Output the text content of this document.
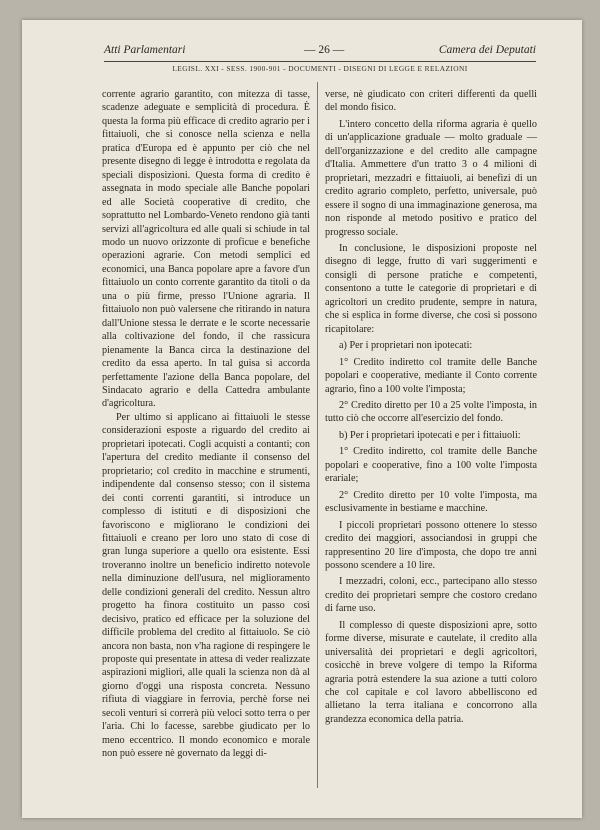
Atti Parlamentari	— 26 —	Camera dei Deputati
LEGISL. XXI - SESS. 1900-901 - DOCUMENTI - DISEGNI DI LEGGE E RELAZIONI

corrente agrario garantito, con mitezza di tasse, scadenze adeguate e semplicità di procedura. È questa la forma più efficace di credito agrario per i fittaiuoli, che si conosce nella scienza e nella pratica d'Europa ed è appunto per ciò che nel presente disegno di legge è introdotta e regolata da speciali disposizioni. Questa forma di credito è assegnata in modo speciale alle Banche popolari ed alle Società cooperative di credito, che soprattutto nel Lombardo-Veneto rendono già tanti servizi all'agricoltura ed alle quali si schiude in tal modo un nuovo orizzonte di proficue e benefiche operazioni agrarie. Con metodi semplici ed economici, una Banca popolare apre a favore d'un fittaiuolo un conto corrente garantito da titoli o da una o più firme, presso l'Unione agraria. Il fittaiuolo non può valersene che ritirando in natura dall'Unione stessa le derrate e le scorte necessarie alla coltivazione del fondo, il che rassicura pienamente la Banca circa la destinazione del credito da essa aperto. In tal guisa si accorda perfettamente l'azione della Banca popolare, del Sindacato agrario e della Cattedra ambulante d'agricoltura.

Per ultimo si applicano ai fittaiuoli le stesse considerazioni esposte a riguardo del credito ai proprietari ipotecati. Cogli acquisti a contanti; con l'apertura del credito mediante il consenso del proprietario; col credito in macchine e strumenti, indipendente dal consenso stesso; con il sistema dei conti correnti garantiti, si introduce un complesso di istituti e di disposizioni che favoriscono e migliorano le condizioni dei fittaiuoli e creano per loro uno stato di cose di gran lunga superiore a quello ora esistente. Essi troveranno inoltre un beneficio indiretto notevole nella diminuzione dell'usura, nel miglioramento delle condizioni generali del credito. Nessun altro progetto ha finora costituito un passo così decisivo, pratico ed efficace per la soluzione del difficile problema del credito al fittaiuolo. Se ciò ancora non basta, non v'ha ragione di respingere le proposte qui presentate in attesa di veder realizzate aspirazioni migliori, alle quali la scienza non dà al giorno d'oggi una risposta concreta. Nessuno rifiuta di viaggiare in ferrovia, perchè forse nei secoli venturi si correrà più veloci sotto terra o per l'aria. Chi lo facesse, sarebbe giudicato per lo meno eccentrico. Il mondo economico e morale non può essere nè governato da leggi di-

verse, nè giudicato con criteri differenti da quelli del mondo fisico.

L'intero concetto della riforma agraria è quello di un'applicazione graduale — molto graduale — dell'organizzazione e del credito alle campagne d'Italia. Ammettere d'un tratto 3 o 4 milioni di proprietari, mezzadri e fittaiuoli, ai benefizi di un credito agrario completo, perfetto, universale, può essere il sogno di una immaginazione generosa, ma non risponde al metodo positivo e pratico del progresso sociale.

In conclusione, le disposizioni proposte nel disegno di legge, frutto di vari suggerimenti e consigli di persone pratiche e competenti, consentono a tutte le categorie di proprietari e di agricoltori un credito prudente, sempre in natura, che si esplica in forme diverse, che così si possono ricapitolare:

a) Per i proprietari non ipotecati:

1° Credito indiretto col tramite delle Banche popolari e cooperative, mediante il Conto corrente agrario, fino a 100 volte l'imposta;

2° Credito diretto per 10 a 25 volte l'imposta, in tutto ciò che occorre all'esercizio del fondo.

b) Per i proprietari ipotecati e per i fittaiuoli:

1° Credito indiretto, col tramite delle Banche popolari e cooperative, fino a 100 volte l'imposta erariale;

2° Credito diretto per 10 volte l'imposta, ma esclusivamente in bestiame e macchine.

I piccoli proprietari possono ottenere lo stesso credito dei maggiori, associandosi in gruppi che rappresentino 20 lire d'imposta, che dopo tre anni possono scendere a 10 lire.

I mezzadri, coloni, ecc., partecipano allo stesso credito dei proprietari sempre che costoro credano di farne uso.

Il complesso di queste disposizioni apre, sotto forme diverse, misurate e cautelate, il credito alla universalità dei proprietari e degli agricoltori, cosicchè in breve volgere di tempo la Riforma agraria potrà estendere la sua azione a tutti coloro che col capitale e col lavoro abbelliscono ed allietano la terra italiana e concorrono alla grandezza economica della patria.
